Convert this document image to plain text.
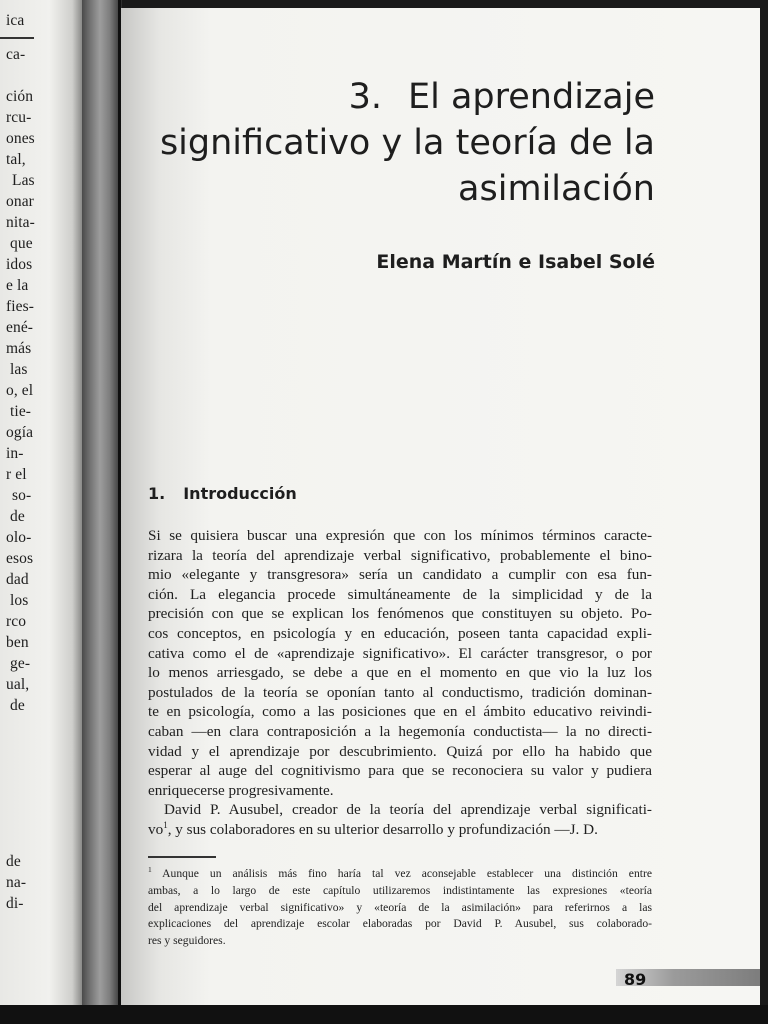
ica
ca-
ción
rcu-
ones
tal,
Las
onar
nita-
que
idos
e la
fies-
ené-
más
las
o, el
tie-
ogía
in-
r el
so-
de
olo-
esos
dad
los
rco
ben
ge-
ual,
de
de
na-
di-
3. El aprendizaje
significativo y la teoría de la
asimilación
Elena Martín e Isabel Solé
1. Introducción
Si se quisiera buscar una expresión que con los mínimos términos caracte-
rizara la teoría del aprendizaje verbal significativo, probablemente el bino-
mio «elegante y transgresora» sería un candidato a cumplir con esa fun-
ción. La elegancia procede simultáneamente de la simplicidad y de la
precisión con que se explican los fenómenos que constituyen su objeto. Po-
cos conceptos, en psicología y en educación, poseen tanta capacidad expli-
cativa como el de «aprendizaje significativo». El carácter transgresor, o por
lo menos arriesgado, se debe a que en el momento en que vio la luz los
postulados de la teoría se oponían tanto al conductismo, tradición dominan-
te en psicología, como a las posiciones que en el ámbito educativo reivindi-
caban —en clara contraposición a la hegemonía conductista— la no directi-
vidad y el aprendizaje por descubrimiento. Quizá por ello ha habido que
esperar al auge del cognitivismo para que se reconociera su valor y pudiera
enriquecerse progresivamente.
David P. Ausubel, creador de la teoría del aprendizaje verbal significati-
$vo^1$, y sus colaboradores en su ulterior desarrollo y profundización —J. D.
$^1$ Aunque un análisis más fino haría tal vez aconsejable establecer una distinción entre
ambas, a lo largo de este capítulo utilizaremos indistintamente las expresiones «teoría
del aprendizaje verbal significativo» y «teoría de la asimilación» para referirnos a las
explicaciones del aprendizaje escolar elaboradas por David P. Ausubel, sus colaborado-
res y seguidores.
89
